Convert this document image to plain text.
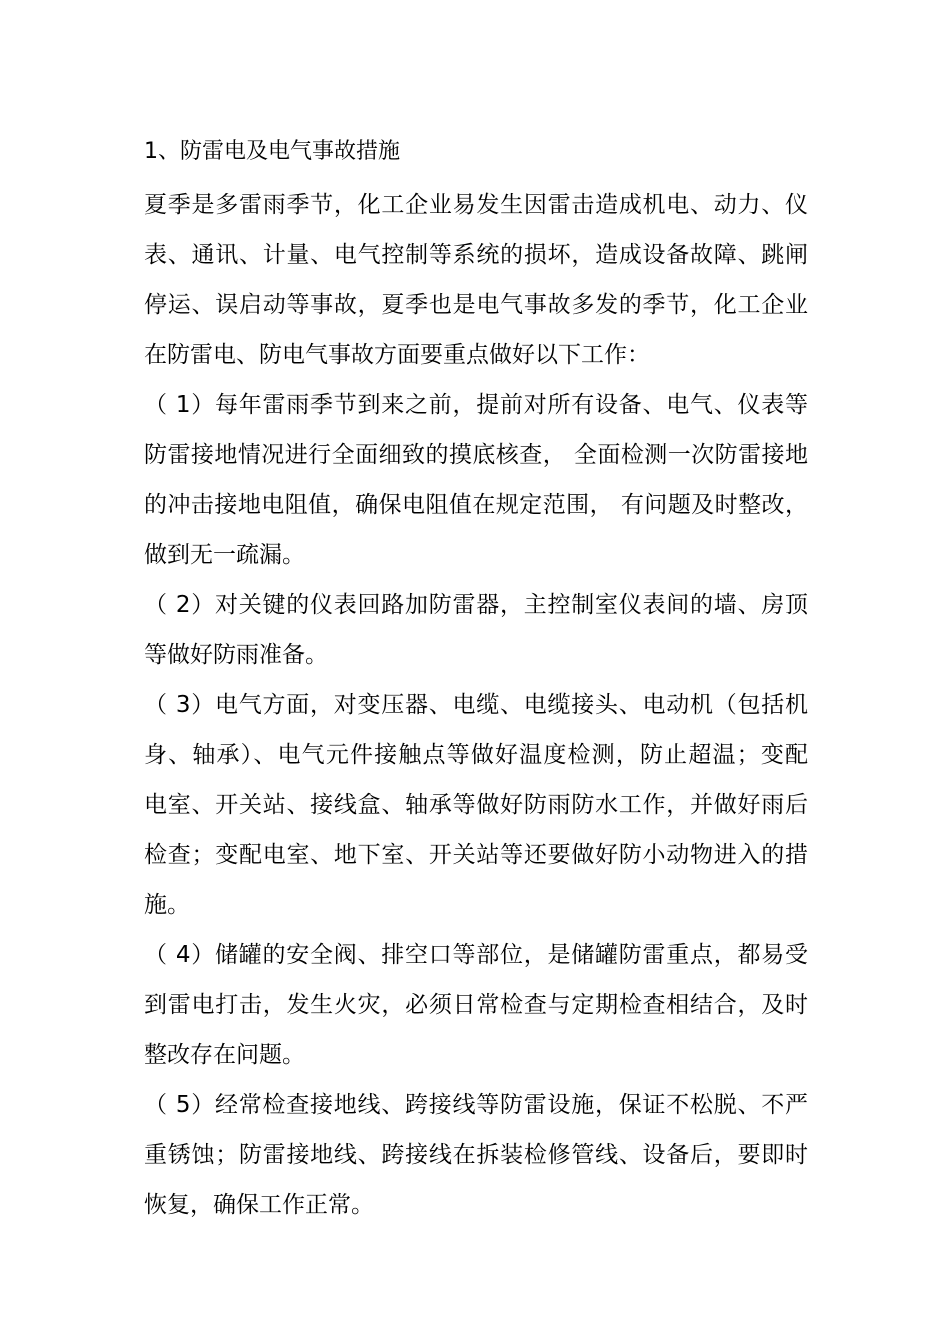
1、防雷电及电气事故措施
夏季是多雷雨季节，化工企业易发生因雷击造成机电、动力、仪
表、通讯、计量、电气控制等系统的损坏，造成设备故障、跳闸
停运、误启动等事故，夏季也是电气事故多发的季节，化工企业
在防雷电、防电气事故方面要重点做好以下工作：
（ 1）每年雷雨季节到来之前，提前对所有设备、电气、仪表等
防雷接地情况进行全面细致的摸底核查， 全面检测一次防雷接地
的冲击接地电阻值，确保电阻值在规定范围， 有问题及时整改，
做到无一疏漏。
（ 2）对关键的仪表回路加防雷器，主控制室仪表间的墙、房顶
等做好防雨准备。
（ 3）电气方面，对变压器、电缆、电缆接头、电动机（包括机
身、轴承）、电气元件接触点等做好温度检测，防止超温；变配
电室、开关站、接线盒、轴承等做好防雨防水工作，并做好雨后
检查；变配电室、地下室、开关站等还要做好防小动物进入的措
施。
（ 4）储罐的安全阀、排空口等部位，是储罐防雷重点，都易受
到雷电打击，发生火灾，必须日常检查与定期检查相结合，及时
整改存在问题。
（ 5）经常检查接地线、跨接线等防雷设施，保证不松脱、不严
重锈蚀；防雷接地线、跨接线在拆装检修管线、设备后，要即时
恢复，确保工作正常。
